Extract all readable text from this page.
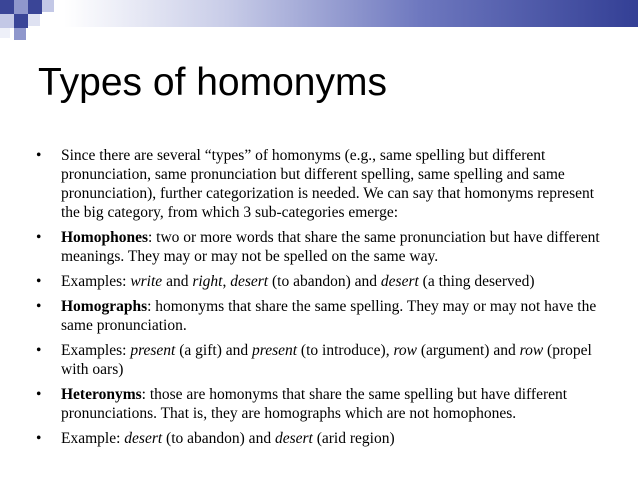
Types of homonyms
• Since there are several “types” of homonyms (e.g., same spelling but different pronunciation, same pronunciation but different spelling, same spelling and same pronunciation), further categorization is needed. We can say that homonyms represent the big category, from which 3 sub-categories emerge:
• Homophones: two or more words that share the same pronunciation but have different meanings. They may or may not be spelled on the same way.
• Examples: write and right, desert (to abandon) and desert (a thing deserved)
• Homographs: homonyms that share the same spelling. They may or may not have the same pronunciation.
• Examples: present (a gift) and present (to introduce), row (argument) and row (propel with oars)
• Heteronyms: those are homonyms that share the same spelling but have different pronunciations. That is, they are homographs which are not homophones.
• Example: desert (to abandon) and desert (arid region)
